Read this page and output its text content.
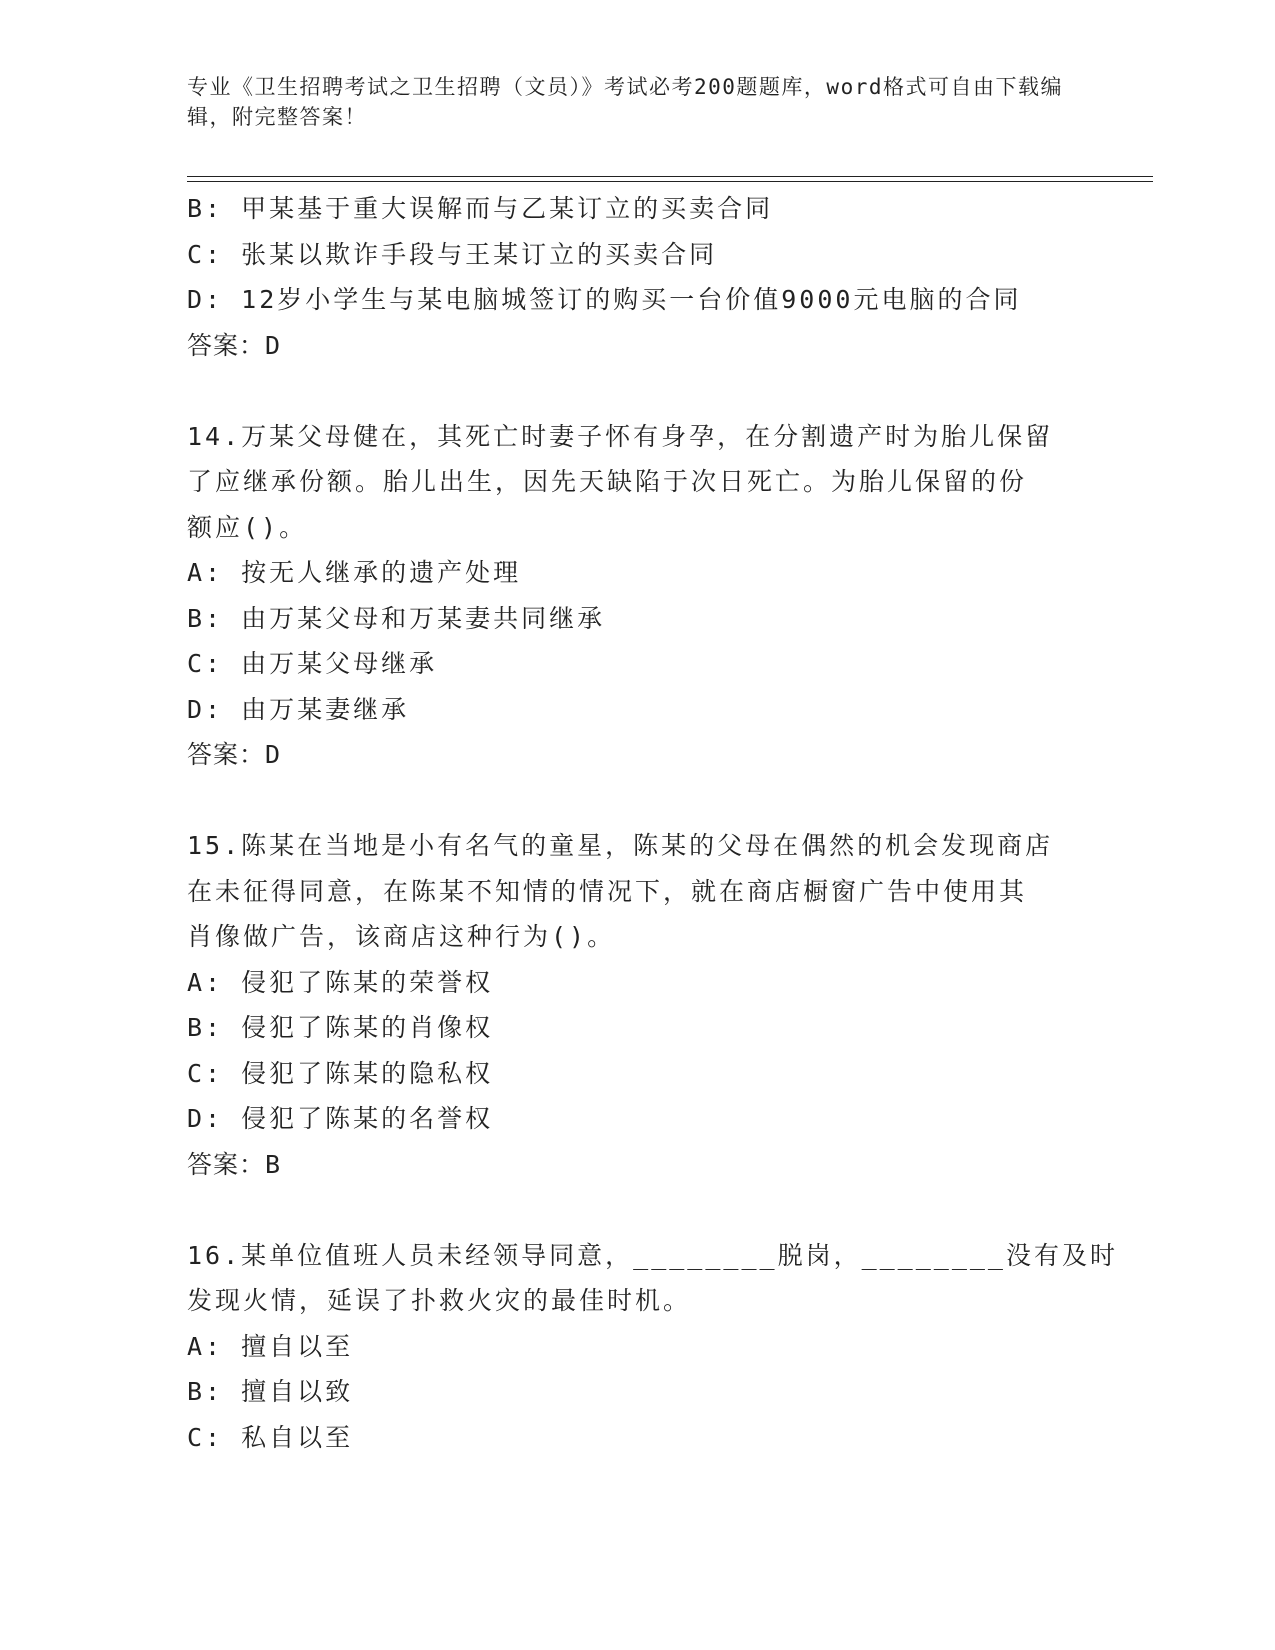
专业《卫生招聘考试之卫生招聘（文员）》考试必考200题题库，word格式可自由下载编辑，附完整答案！
B: 甲某基于重大误解而与乙某订立的买卖合同
C: 张某以欺诈手段与王某订立的买卖合同
D: 12岁小学生与某电脑城签订的购买一台价值9000元电脑的合同
答案：D
14.万某父母健在，其死亡时妻子怀有身孕，在分割遗产时为胎儿保留
了应继承份额。胎儿出生，因先天缺陷于次日死亡。为胎儿保留的份
额应()。
A: 按无人继承的遗产处理
B: 由万某父母和万某妻共同继承
C: 由万某父母继承
D: 由万某妻继承
答案：D
15.陈某在当地是小有名气的童星，陈某的父母在偶然的机会发现商店
在未征得同意，在陈某不知情的情况下，就在商店橱窗广告中使用其
肖像做广告，该商店这种行为()。
A: 侵犯了陈某的荣誉权
B: 侵犯了陈某的肖像权
C: 侵犯了陈某的隐私权
D: 侵犯了陈某的名誉权
答案：B
16.某单位值班人员未经领导同意，________脱岗，________没有及时
发现火情，延误了扑救火灾的最佳时机。
A: 擅自以至
B: 擅自以致
C: 私自以至
